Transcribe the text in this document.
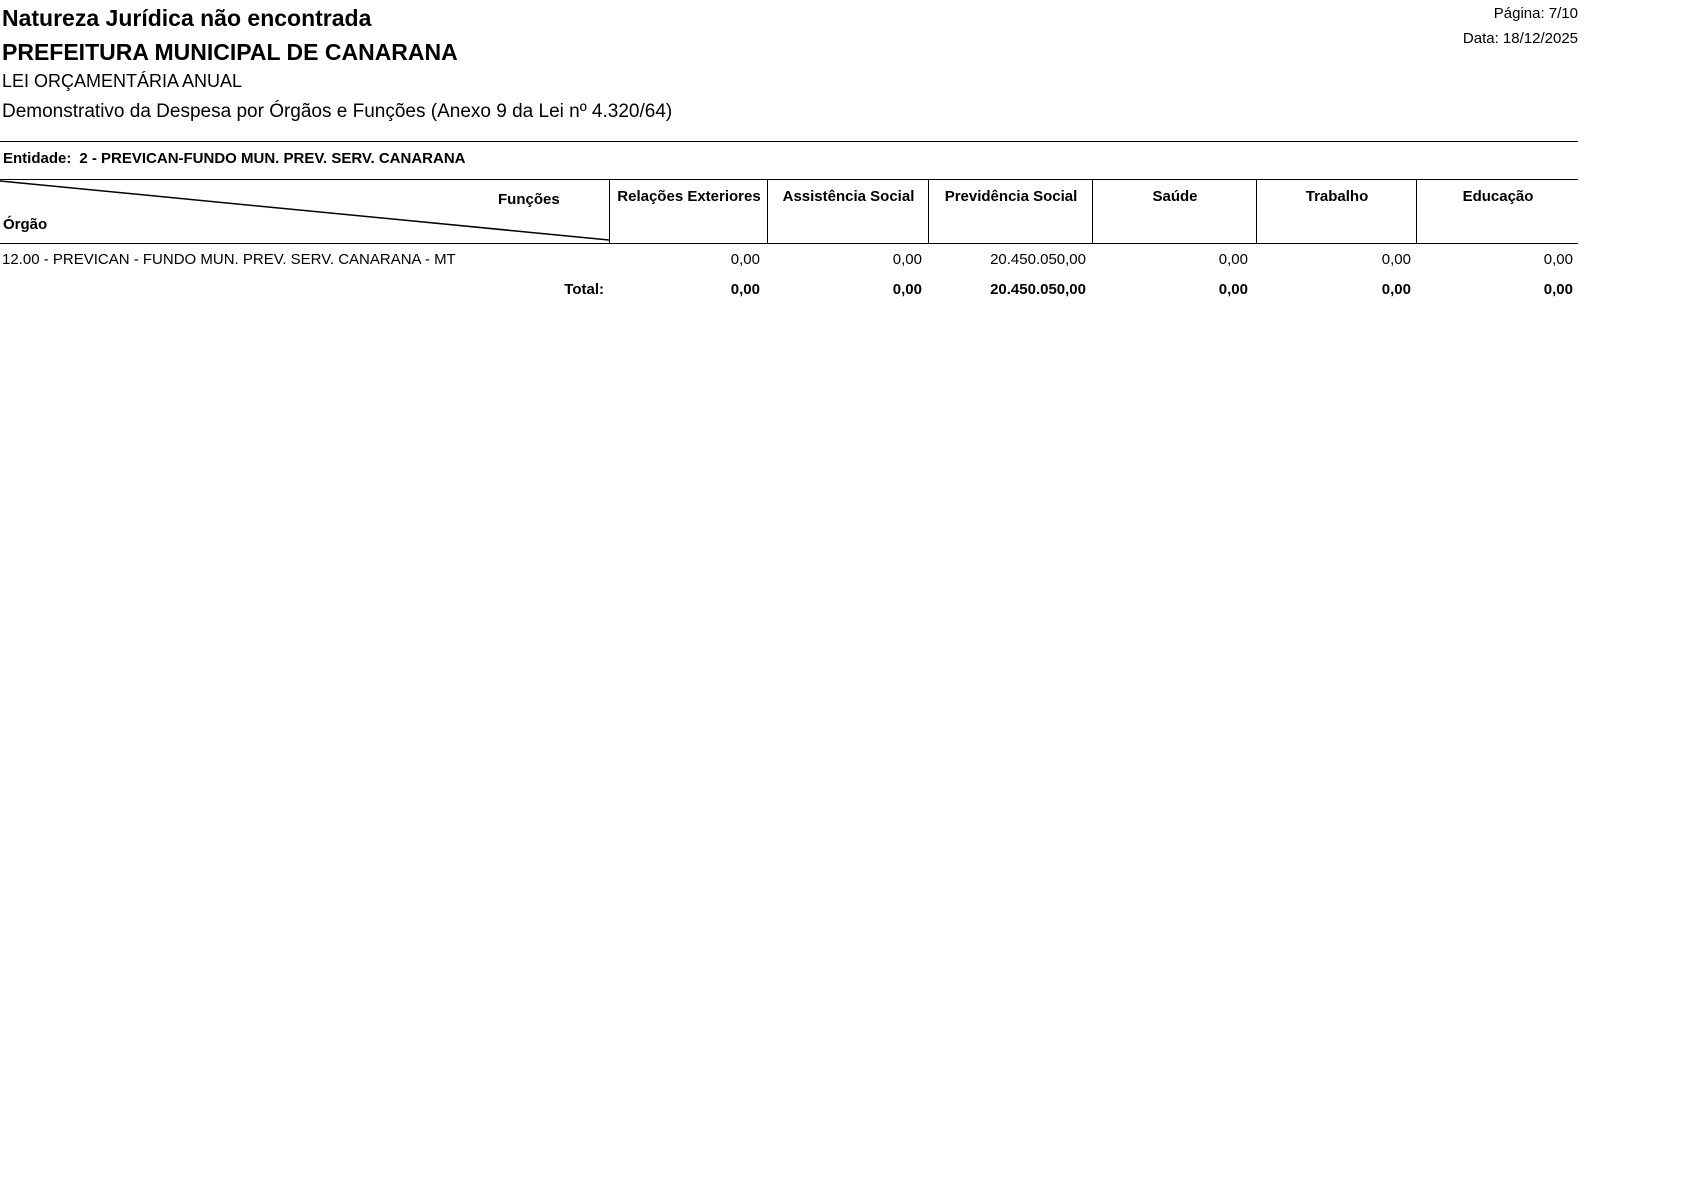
Natureza Jurídica não encontrada
PREFEITURA MUNICIPAL DE CANARANA
LEI ORÇAMENTÁRIA ANUAL
Demonstrativo da Despesa por Órgãos e Funções (Anexo 9 da Lei nº 4.320/64)
Página: 7/10
Data: 18/12/2025
Entidade: 2 - PREVICAN-FUNDO MUN. PREV. SERV. CANARANA
Funções
Órgão
Relações Exteriores	Assistência Social	Previdência Social	Saúde	Trabalho	Educação
12.00 - PREVICAN - FUNDO MUN. PREV. SERV. CANARANA - MT	0,00	0,00	20.450.050,00	0,00	0,00	0,00
Total:	0,00	0,00	20.450.050,00	0,00	0,00	0,00
